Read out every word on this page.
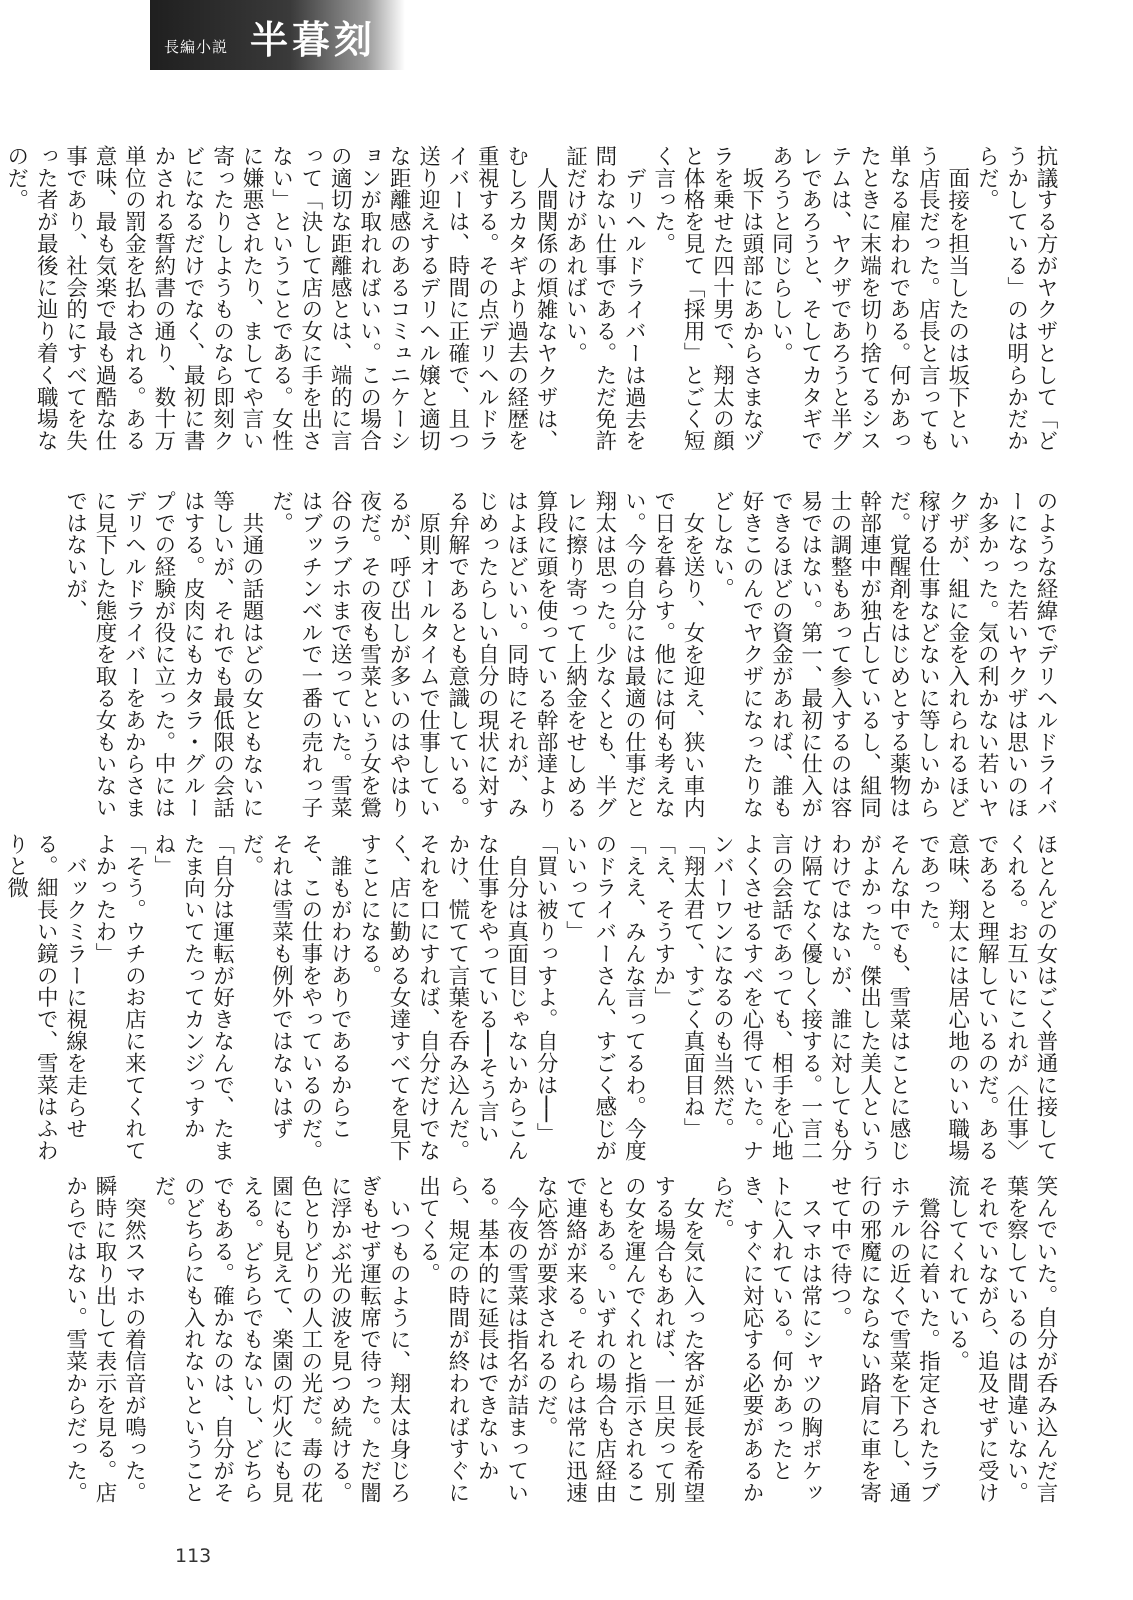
長編小説 半暮刻

抗議する方がヤクザとして「どうかしている」のは明らかだからだ。

面接を担当したのは坂下という店長だった。店長と言っても単なる雇われである。何かあったときに末端を切り捨てるシステムは、ヤクザであろうと半グレであろうと、そしてカタギであろうと同じらしい。

坂下は頭部にあからさまなヅラを乗せた四十男で、翔太の顔と体格を見て「採用」とごく短く言った。

デリヘルドライバーは過去を問わない仕事である。ただ免許証だけがあればいい。

人間関係の煩雑なヤクザは、むしろカタギより過去の経歴を重視する。その点デリヘルドライバーは、時間に正確で、且つ送り迎えするデリヘル嬢と適切な距離感のあるコミュニケーションが取れればいい。この場合の適切な距離感とは、端的に言って「決して店の女に手を出さない」ということである。女性に嫌悪されたり、ましてや言い寄ったりしようものなら即刻クビになるだけでなく、最初に書かされる誓約書の通り、数十万単位の罰金を払わされる。ある意味、最も気楽で最も過酷な仕事であり、社会的にすべてを失った者が最後に辿り着く職場なのだ。

のような経緯でデリヘルドライバーになった若いヤクザは思いのほか多かった。気の利かない若いヤクザが、組に金を入れられるほど稼げる仕事などないに等しいからだ。覚醒剤をはじめとする薬物は幹部連中が独占しているし、組同士の調整もあって参入するのは容易ではない。第一、最初に仕入ができるほどの資金があれば、誰も好きこのんでヤクザになったりなどしない。

女を送り、女を迎え、狭い車内で日を暮らす。他には何も考えない。今の自分には最適の仕事だと翔太は思った。少なくとも、半グレに擦り寄って上納金をせしめる算段に頭を使っている幹部達よりはよほどいい。同時にそれが、みじめったらしい自分の現状に対する弁解であるとも意識している。

原則オールタイムで仕事しているが、呼び出しが多いのはやはり夜だ。その夜も雪菜という女を鶯谷のラブホまで送っていた。雪菜はブッチンベルで一番の売れっ子だ。

共通の話題はどの女ともないに等しいが、それでも最低限の会話はする。皮肉にもカタラ・グループでの経験が役に立った。中にはデリヘルドライバーをあからさまに見下した態度を取る女もいないではないが、

ほとんどの女はごく普通に接してくれる。お互いにこれが〈仕事〉であると理解しているのだ。ある意味、翔太には居心地のいい職場であった。

そんな中でも、雪菜はことに感じがよかった。傑出した美人というわけではないが、誰に対しても分け隔てなく優しく接する。一言二言の会話であっても、相手を心地よくさせるすべを心得ていた。ナンバーワンになるのも当然だ。

「翔太君て、すごく真面目ね」

「え、そうすか」

「ええ、みんな言ってるわ。今度のドライバーさん、すごく感じがいいって」

「買い被りっすよ。自分は──」

自分は真面目じゃないからこんな仕事をやっている──そう言いかけ、慌てて言葉を呑み込んだ。それを口にすれば、自分だけでなく、店に勤める女達すべてを見下すことになる。

誰もがわけありであるからこそ、この仕事をやっているのだ。それは雪菜も例外ではないはずだ。

「自分は運転が好きなんで、たまたま向いてたってカンジっすかね」

「そう。ウチのお店に来てくれてよかったわ」

バックミラーに視線を走らせる。細長い鏡の中で、雪菜はふわりと微

笑んでいた。自分が呑み込んだ言葉を察しているのは間違いない。それでいながら、追及せずに受け流してくれている。

鶯谷に着いた。指定されたラブホテルの近くで雪菜を下ろし、通行の邪魔にならない路肩に車を寄せて中で待つ。

スマホは常にシャツの胸ポケットに入れている。何かあったとき、すぐに対応する必要があるからだ。

女を気に入った客が延長を希望する場合もあれば、一旦戻って別の女を運んでくれと指示されることもある。いずれの場合も店経由で連絡が来る。それらは常に迅速な応答が要求されるのだ。

今夜の雪菜は指名が詰まっている。基本的に延長はできないから、規定の時間が終わればすぐに出てくる。

いつものように、翔太は身じろぎもせず運転席で待った。ただ闇に浮かぶ光の波を見つめ続ける。色とりどりの人工の光だ。毒の花園にも見えて、楽園の灯火にも見える。どちらでもないし、どちらでもある。確かなのは、自分がそのどちらにも入れないということだ。

突然スマホの着信音が鳴った。瞬時に取り出して表示を見る。店からではない。雪菜からだった。

113
